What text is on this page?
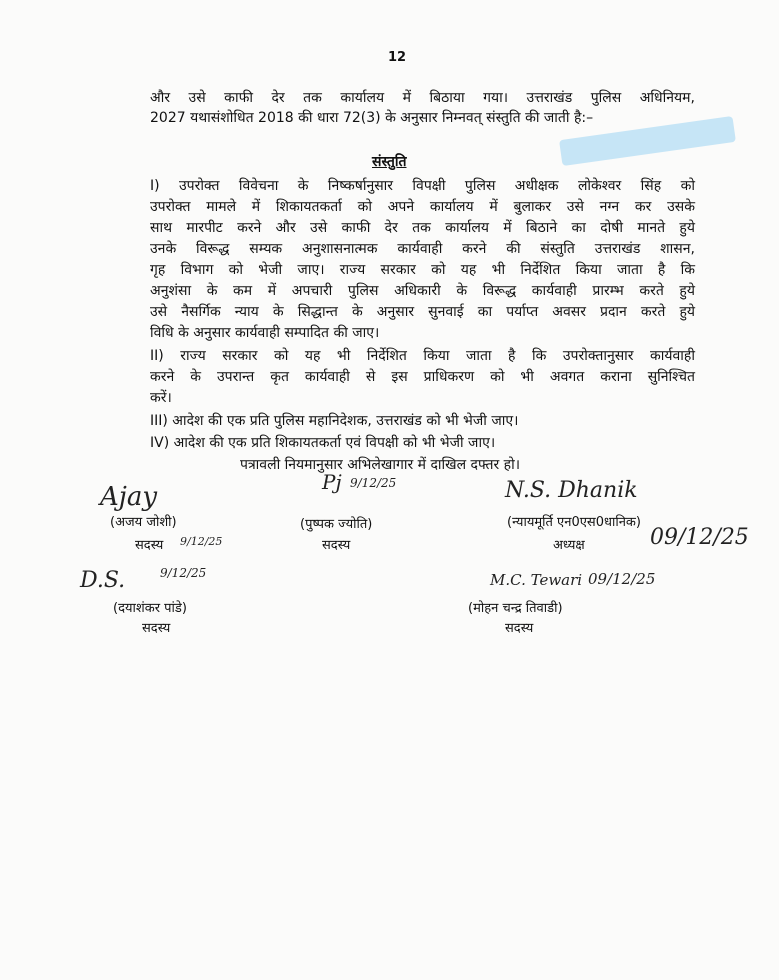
12
और उसे काफी देर तक कार्यालय में बिठाया गया। उत्तराखंड पुलिस अधिनियम,
2027 यथासंशोधित 2018 की धारा 72(3) के अनुसार निम्नवत् संस्तुति की जाती है:–
संस्तुति
I) उपरोक्त विवेचना के निष्कर्षानुसार विपक्षी पुलिस अधीक्षक लोकेश्वर सिंह को
उपरोक्त मामले में शिकायतकर्ता को अपने कार्यालय में बुलाकर उसे नग्न कर उसके
साथ मारपीट करने और उसे काफी देर तक कार्यालय में बिठाने का दोषी मानते हुये
उनके विरूद्ध सम्यक अनुशासनात्मक कार्यवाही करने की संस्तुति उत्तराखंड शासन,
गृह विभाग को भेजी जाए। राज्य सरकार को यह भी निर्देशित किया जाता है कि
अनुशंसा के कम में अपचारी पुलिस अधिकारी के विरूद्ध कार्यवाही प्रारम्भ करते हुये
उसे नैसर्गिक न्याय के सिद्धान्त के अनुसार सुनवाई का पर्याप्त अवसर प्रदान करते हुये
विधि के अनुसार कार्यवाही सम्पादित की जाए।
II) राज्य सरकार को यह भी निर्देशित किया जाता है कि उपरोक्तानुसार कार्यवाही
करने के उपरान्त कृत कार्यवाही से इस प्राधिकरण को भी अवगत कराना सुनिश्चित
करें।
III) आदेश की एक प्रति पुलिस महानिदेशक, उत्तराखंड को भी भेजी जाए।
IV) आदेश की एक प्रति शिकायतकर्ता एवं विपक्षी को भी भेजी जाए।
पत्रावली नियमानुसार अभिलेखागार में दाखिल दफ्तर हो।
Ajay
9/12/25
(अजय जोशी)
सदस्य
Pj 9/12/25
(पुष्पक ज्योति)
सदस्य
N.S. Dhanik
(न्यायमूर्ति एन0एस0धानिक)
अध्यक्ष	09/12/25
D.S.	9/12/25
(दयाशंकर पांडे)
सदस्य
M.C. Tewari 09/12/25
(मोहन चन्द्र तिवाडी)
सदस्य
